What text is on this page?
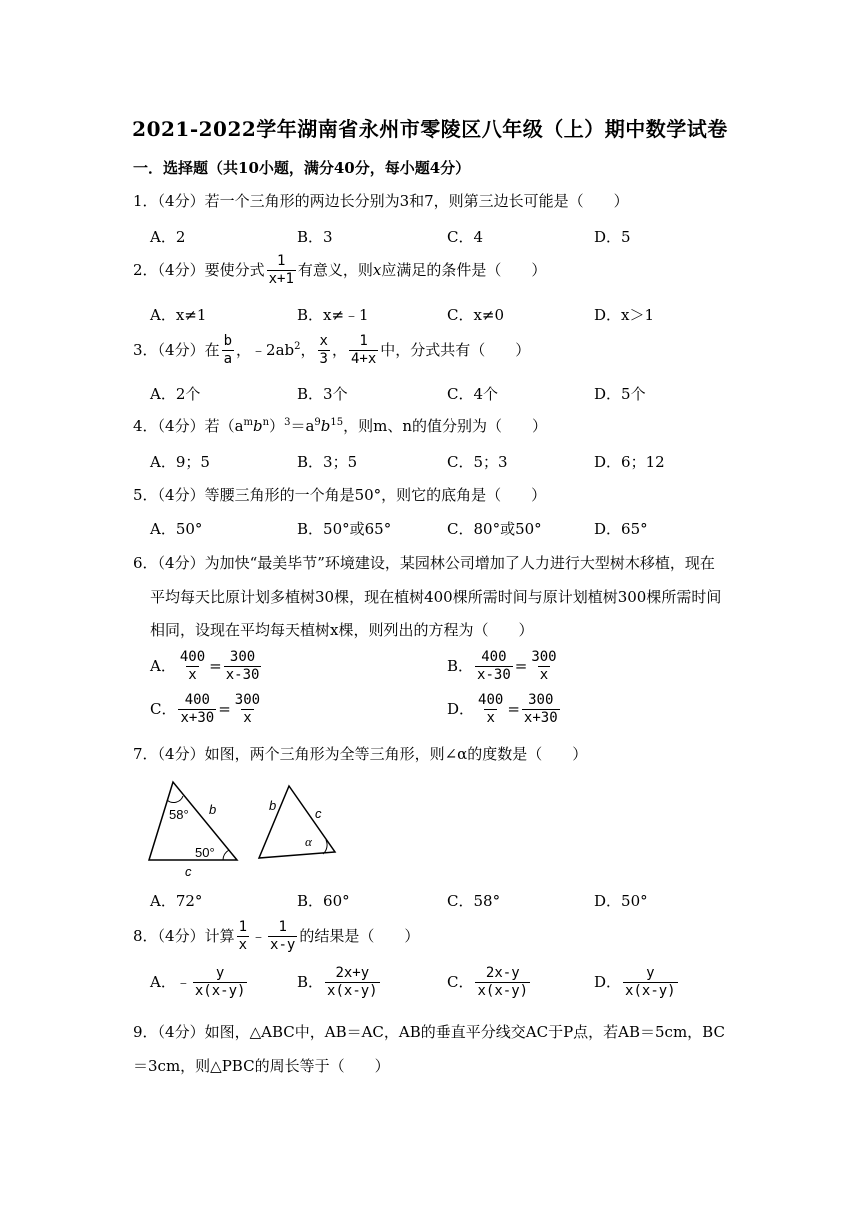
2021-2022学年湖南省永州市零陵区八年级（上）期中数学试卷
一．选择题（共10小题，满分40分，每小题4分）
1．（4分）若一个三角形的两边长分别为3和7，则第三边长可能是（　　）
A．2	B．3	C．4	D．5
2．（4分）要使分式 $\frac{1}{x+1}$ 有意义，则x应满足的条件是（　　）
A．x≠1	B．x≠﹣1	C．x≠0	D．x＞1
3．（4分）在 $\frac{b}{a}$ ，$﹣2ab^2$， $\frac{x}{3}$ ， $\frac{1}{4+x}$ 中，分式共有（　　）
A．2个	B．3个	C．4个	D．5个
4．（4分）若$(a^mb^n)^3=a^9b^{15}$，则m、n的值分别为（　　）
A．9；5	B．3；5	C．5；3	D．6；12
5．（4分）等腰三角形的一个角是50°，则它的底角是（　　）
A．50°	B．50°或65°	C．80°或50°	D．65°
6．（4分）为加快“最美毕节”环境建设，某园林公司增加了人力进行大型树木移植，现在
平均每天比原计划多植树30棵，现在植树400棵所需时间与原计划植树300棵所需时间
相同，设现在平均每天植树x棵，则列出的方程为（　　）
A． $\frac{400}{x} = \frac{300}{x-30}$	B． $\frac{400}{x-30} = \frac{300}{x}$
C． $\frac{400}{x+30} = \frac{300}{x}$	D． $\frac{400}{x} = \frac{300}{x+30}$
7．（4分）如图，两个三角形为全等三角形，则∠α的度数是（　　）
58°
50°
b
c
b
c
α
A．72°	B．60°	C．58°	D．50°
8．（4分）计算 $\frac{1}{x}$ ﹣ $\frac{1}{x-y}$ 的结果是（　　）
A．﹣ $\frac{y}{x(x-y)}$	B． $\frac{2x+y}{x(x-y)}$	C． $\frac{2x-y}{x(x-y)}$	D． $\frac{y}{x(x-y)}$
9．（4分）如图，△ABC中，AB＝AC，AB的垂直平分线交AC于P点，若AB＝5cm，BC
＝3cm，则△PBC的周长等于（　　）
